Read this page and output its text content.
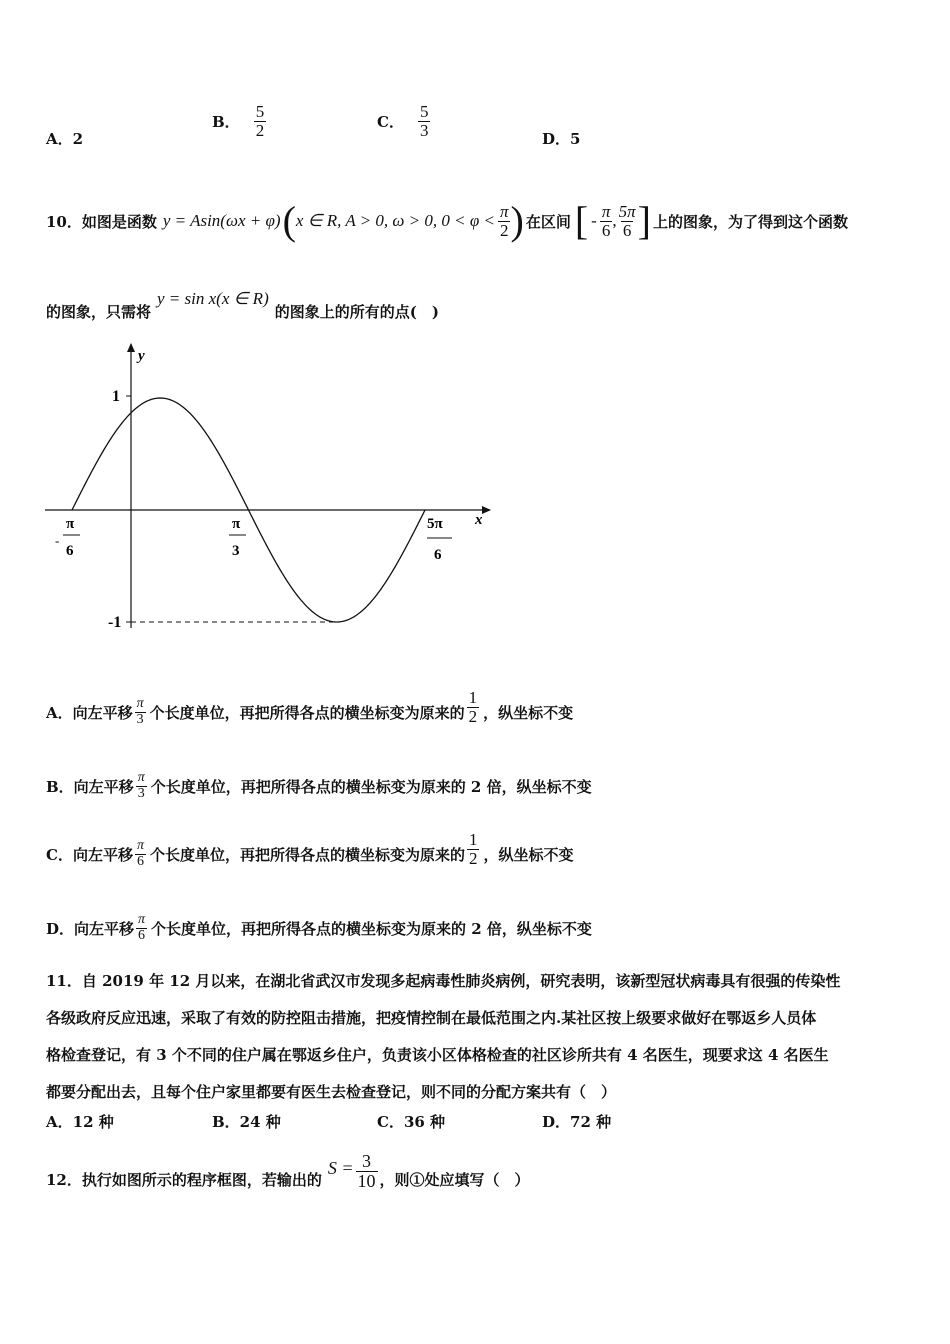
A．2
B． $\frac{5}{2}$	C． $\frac{5}{3}$	D．5
10．如图是函数 y = Asin(ωx + φ) ( x ∈ R, A > 0, ω > 0, $0 < \varphi < \frac{\pi}{2}$ ) 在区间 [ - $\frac{\pi}{6}$ , $\frac{5\pi}{6}$ ] 上的图象，为了得到这个函数
的图象，只需将
y = sin x(x ∈ R)
的图象上的所有的点(　)
y
x
1
-1
-
π
6
π
3
5π
6
A．向左平移 $\frac{\pi}{3}$ 个长度单位，再把所得各点的横坐标变为原来的 $\frac{1}{2}$ ，纵坐标不变
B．向左平移 $\frac{\pi}{3}$ 个长度单位，再把所得各点的横坐标变为原来的 2 倍，纵坐标不变
C．向左平移 $\frac{\pi}{6}$ 个长度单位，再把所得各点的横坐标变为原来的 $\frac{1}{2}$ ，纵坐标不变
D．向左平移 $\frac{\pi}{6}$ 个长度单位，再把所得各点的横坐标变为原来的 2 倍，纵坐标不变
11．自 2019 年 12 月以来，在湖北省武汉市发现多起病毒性肺炎病例，研究表明，该新型冠状病毒具有很强的传染性
各级政府反应迅速，采取了有效的防控阻击措施，把疫情控制在最低范围之内.某社区按上级要求做好在鄂返乡人员体
格检查登记，有 3 个不同的住户属在鄂返乡住户，负责该小区体格检查的社区诊所共有 4 名医生，现要求这 4 名医生
都要分配出去，且每个住户家里都要有医生去检查登记，则不同的分配方案共有（　）
A．12 种	B．24 种	C．36 种	D．72 种
12．执行如图所示的程序框图，若输出的
$S = \frac{3}{10}$ ，则①处应填写（　）
